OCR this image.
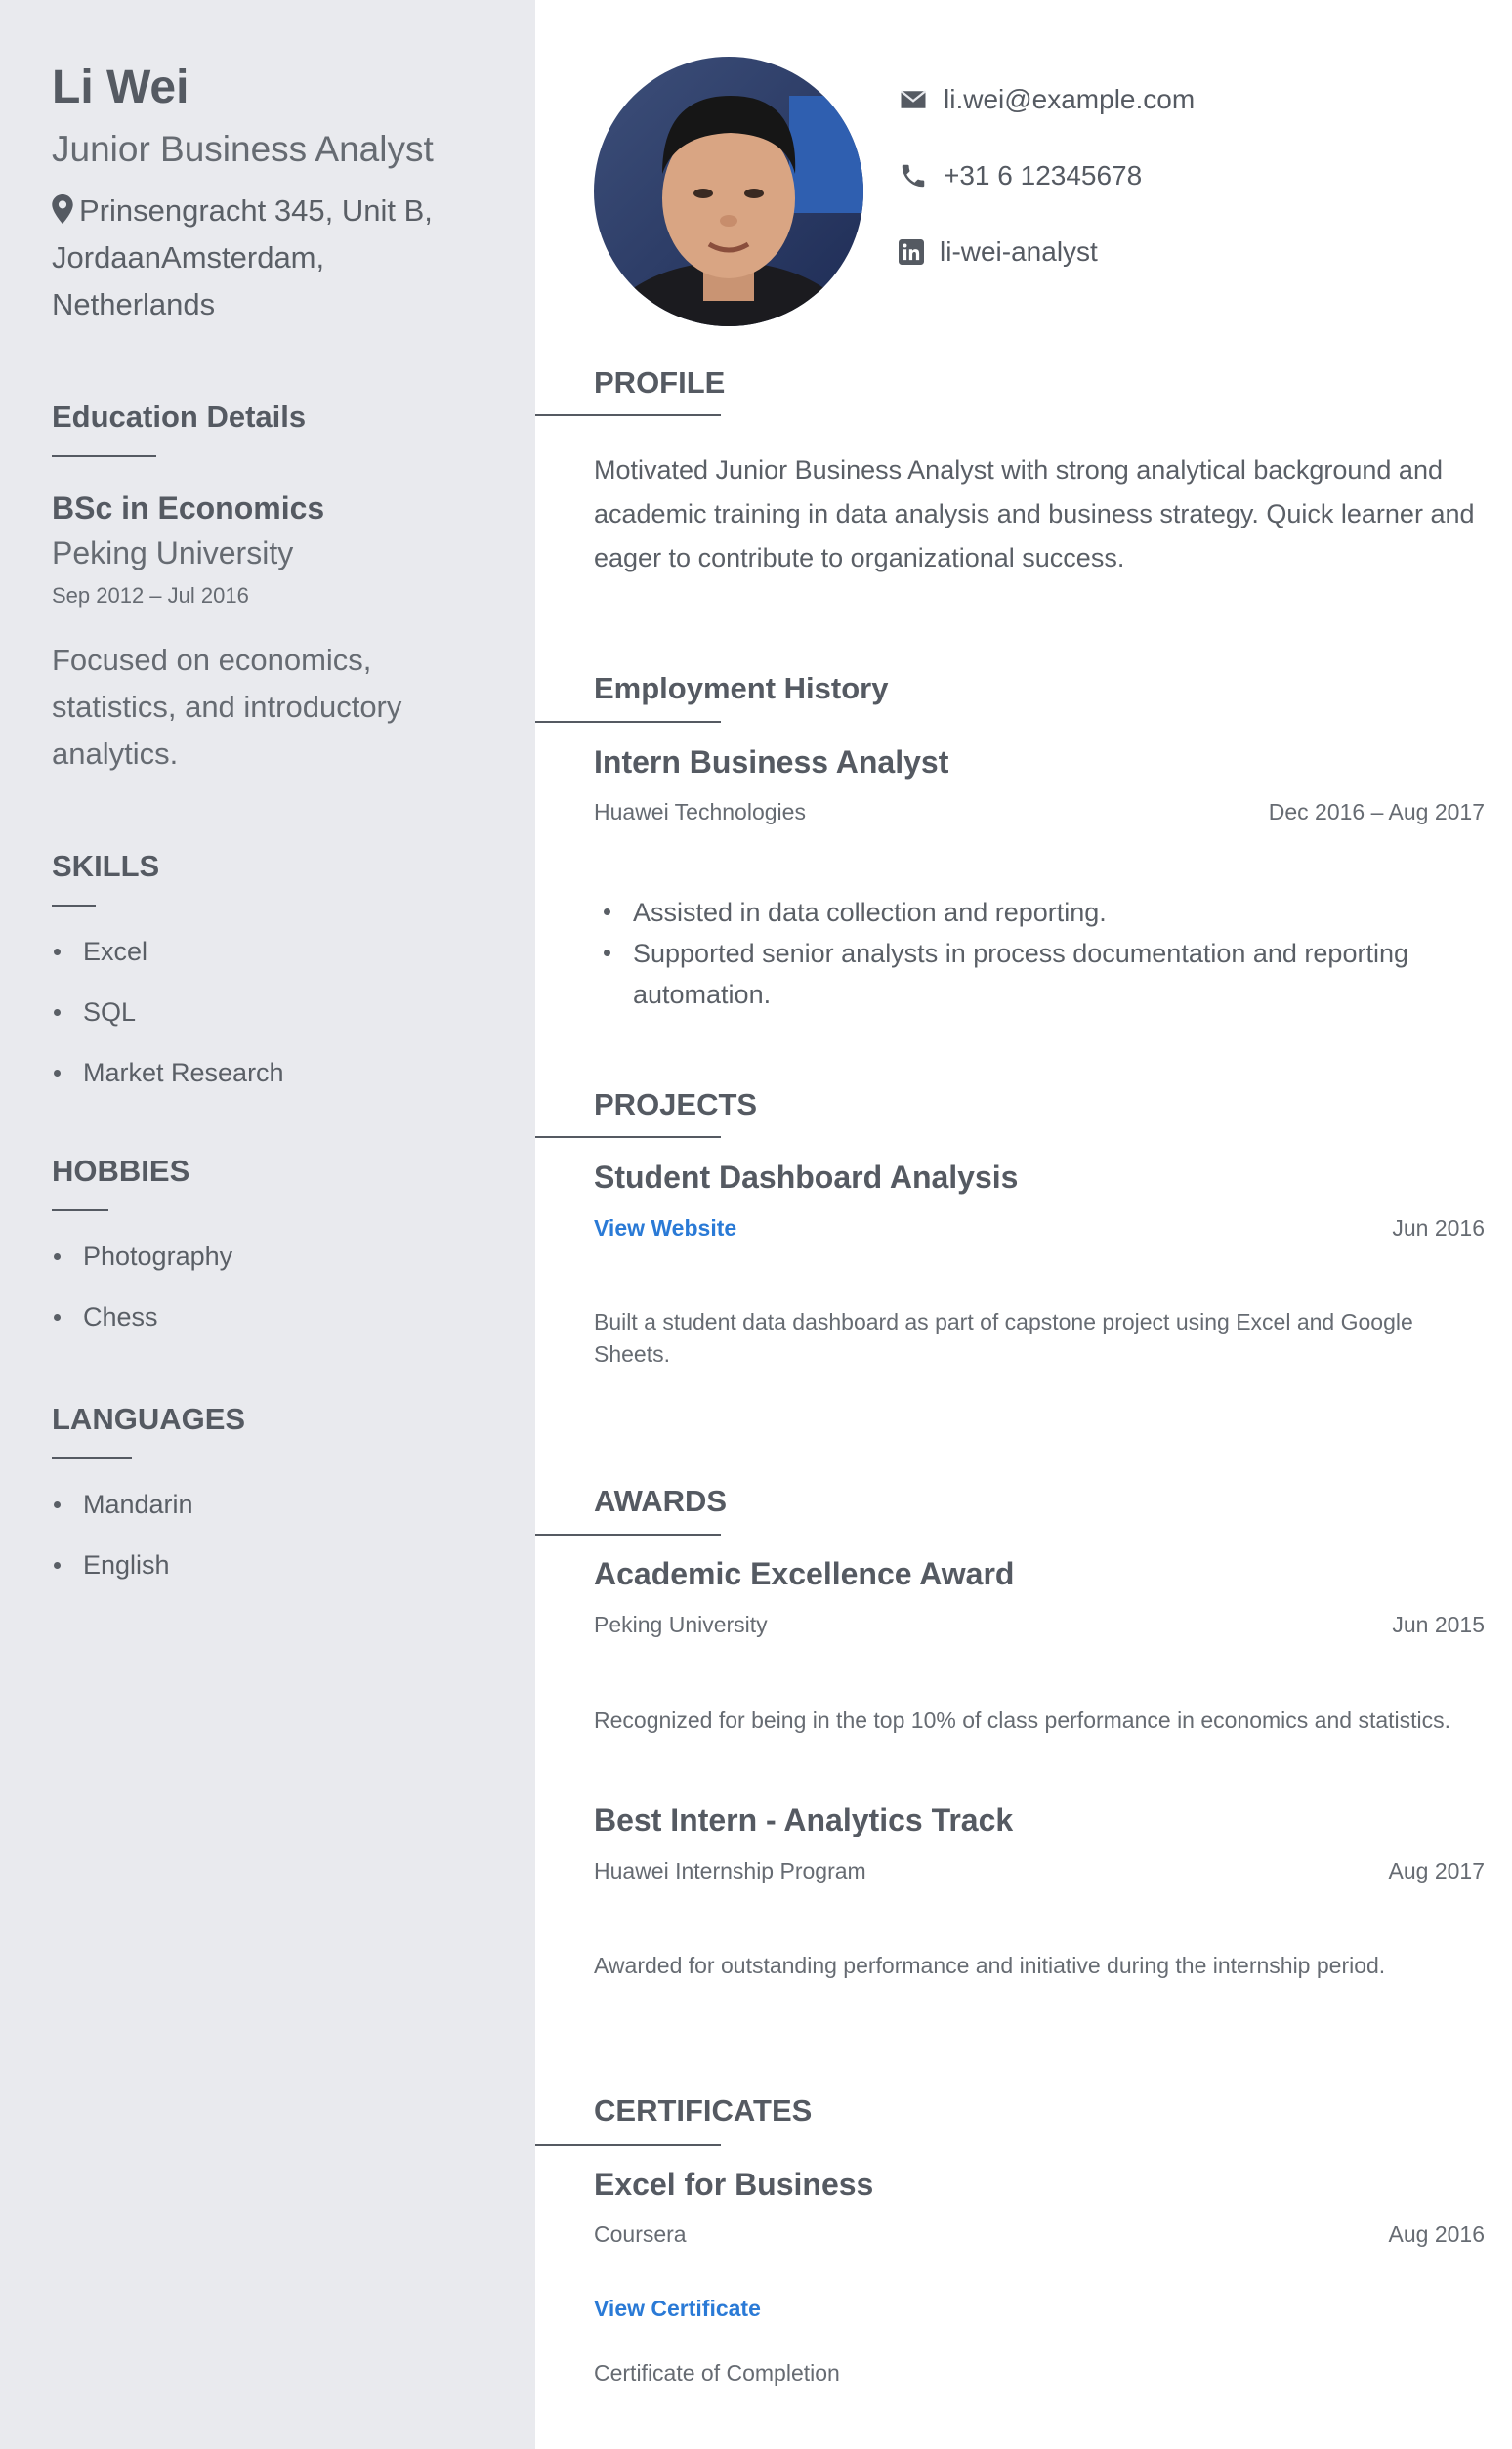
Li Wei
Junior Business Analyst
Prinsengracht 345, Unit B, JordaanAmsterdam, Netherlands
Education Details
BSc in Economics
Peking University
Sep 2012 – Jul 2016
Focused on economics, statistics, and introductory analytics.
SKILLS
Excel
SQL
Market Research
HOBBIES
Photography
Chess
LANGUAGES
Mandarin
English
li.wei@example.com
+31 6 12345678
li-wei-analyst
PROFILE
Motivated Junior Business Analyst with strong analytical background and academic training in data analysis and business strategy. Quick learner and eager to contribute to organizational success.
Employment History
Intern Business Analyst
Huawei Technologies	Dec 2016 – Aug 2017
Assisted in data collection and reporting.
Supported senior analysts in process documentation and reporting automation.
PROJECTS
Student Dashboard Analysis
View Website	Jun 2016
Built a student data dashboard as part of capstone project using Excel and Google Sheets.
AWARDS
Academic Excellence Award
Peking University	Jun 2015
Recognized for being in the top 10% of class performance in economics and statistics.
Best Intern - Analytics Track
Huawei Internship Program	Aug 2017
Awarded for outstanding performance and initiative during the internship period.
CERTIFICATES
Excel for Business
Coursera	Aug 2016
View Certificate
Certificate of Completion
